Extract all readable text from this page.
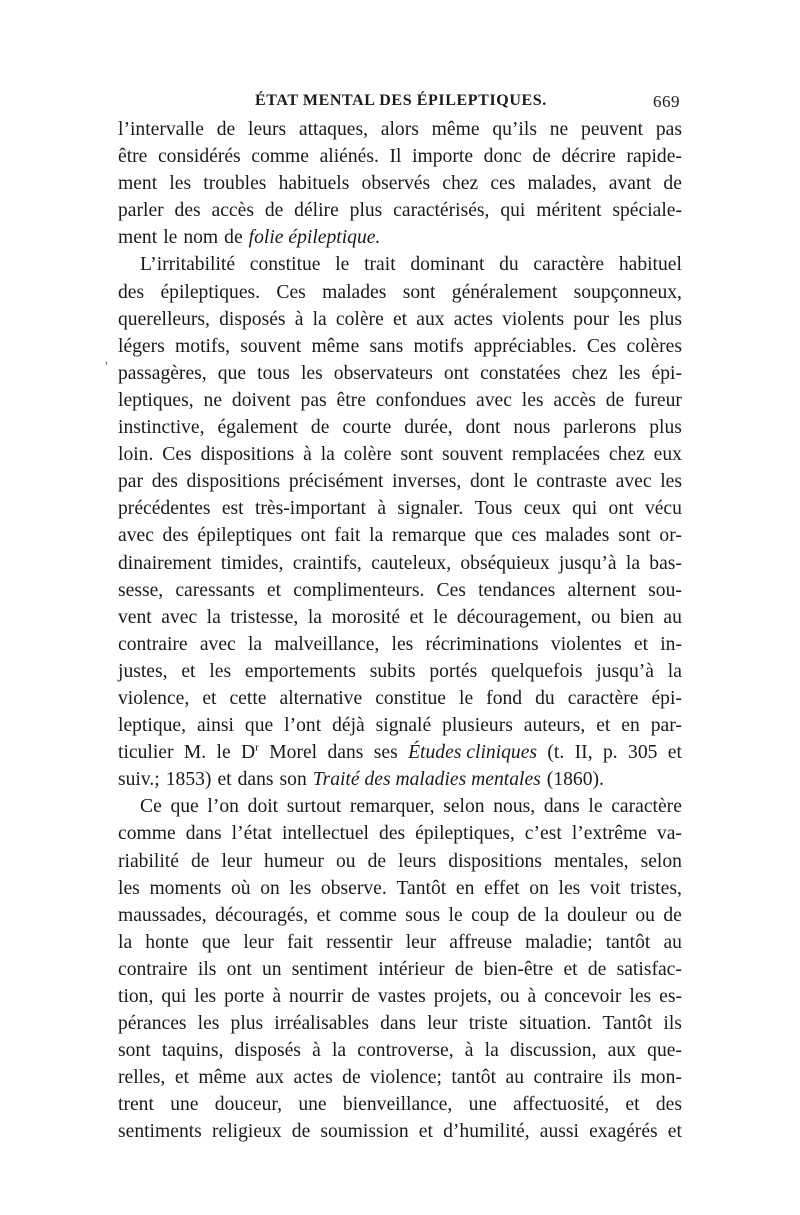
ÉTAT MENTAL DES ÉPILEPTIQUES.	669
l’intervalle de leurs attaques, alors même qu’ils ne peuvent pas
être considérés comme aliénés. Il importe donc de décrire rapide-
ment les troubles habituels observés chez ces malades, avant de
parler des accès de délire plus caractérisés, qui méritent spéciale-
ment le nom de folie épileptique.
L’irritabilité constitue le trait dominant du caractère habituel
des épileptiques. Ces malades sont généralement soupçonneux,
querelleurs, disposés à la colère et aux actes violents pour les plus
légers motifs, souvent même sans motifs appréciables. Ces colères
passagères, que tous les observateurs ont constatées chez les épi-
leptiques, ne doivent pas être confondues avec les accès de fureur
instinctive, également de courte durée, dont nous parlerons plus
loin. Ces dispositions à la colère sont souvent remplacées chez eux
par des dispositions précisément inverses, dont le contraste avec les
précédentes est très-important à signaler. Tous ceux qui ont vécu
avec des épileptiques ont fait la remarque que ces malades sont or-
dinairement timides, craintifs, cauteleux, obséquieux jusqu’à la bas-
sesse, caressants et complimenteurs. Ces tendances alternent sou-
vent avec la tristesse, la morosité et le découragement, ou bien au
contraire avec la malveillance, les récriminations violentes et in-
justes, et les emportements subits portés quelquefois jusqu’à la
violence, et cette alternative constitue le fond du caractère épi-
leptique, ainsi que l’ont déjà signalé plusieurs auteurs, et en par-
ticulier M. le $D^r$ Morel dans ses Études cliniques (t. II, p. 305 et
suiv.; 1853) et dans son Traité des maladies mentales (1860).
Ce que l’on doit surtout remarquer, selon nous, dans le caractère
comme dans l’état intellectuel des épileptiques, c’est l’extrême va-
riabilité de leur humeur ou de leurs dispositions mentales, selon
les moments où on les observe. Tantôt en effet on les voit tristes,
maussades, découragés, et comme sous le coup de la douleur ou de
la honte que leur fait ressentir leur affreuse maladie; tantôt au
contraire ils ont un sentiment intérieur de bien-être et de satisfac-
tion, qui les porte à nourrir de vastes projets, ou à concevoir les es-
pérances les plus irréalisables dans leur triste situation. Tantôt ils
sont taquins, disposés à la controverse, à la discussion, aux que-
relles, et même aux actes de violence; tantôt au contraire ils mon-
trent une douceur, une bienveillance, une affectuosité, et des
sentiments religieux de soumission et d’humilité, aussi exagérés et
,
